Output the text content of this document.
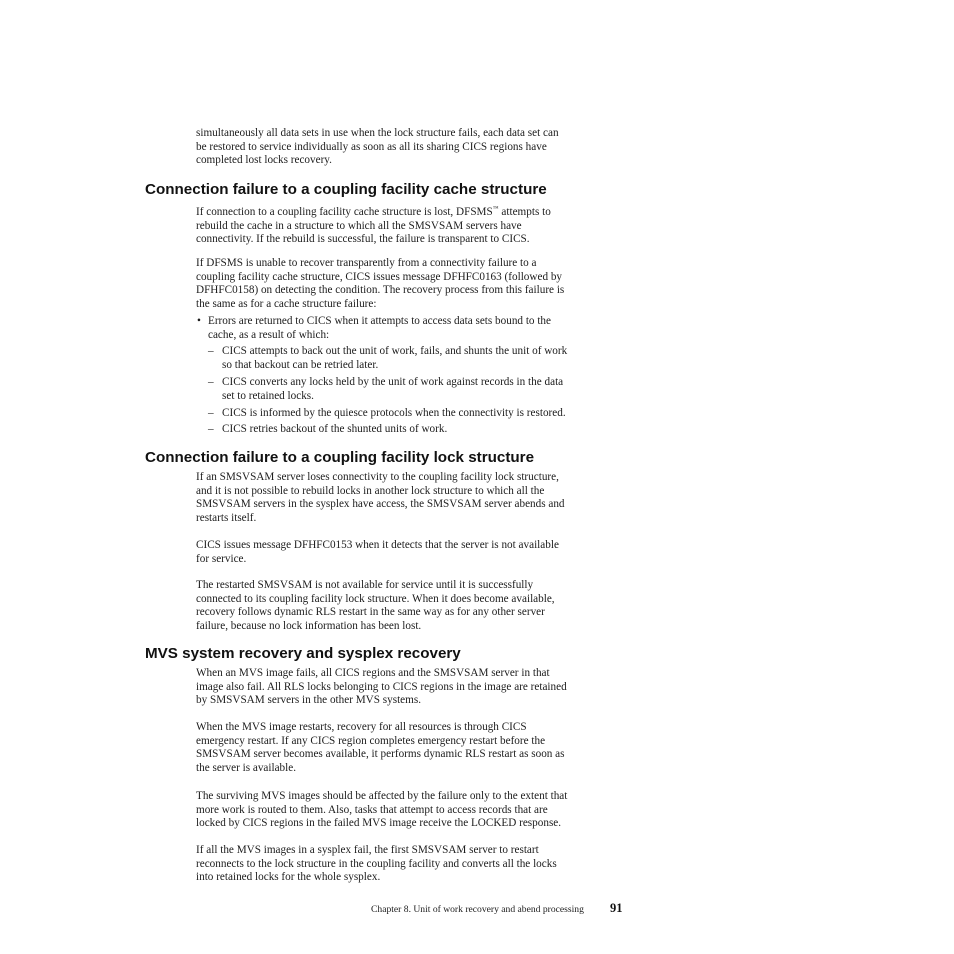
simultaneously all data sets in use when the lock structure fails, each data set can
be restored to service individually as soon as all its sharing CICS regions have
completed lost locks recovery.

Connection failure to a coupling facility cache structure

If connection to a coupling facility cache structure is lost, DFSMS™ attempts to
rebuild the cache in a structure to which all the SMSVSAM servers have
connectivity. If the rebuild is successful, the failure is transparent to CICS.

If DFSMS is unable to recover transparently from a connectivity failure to a
coupling facility cache structure, CICS issues message DFHFC0163 (followed by
DFHFC0158) on detecting the condition. The recovery process from this failure is
the same as for a cache structure failure:

• Errors are returned to CICS when it attempts to access data sets bound to the
cache, as a result of which:

– CICS attempts to back out the unit of work, fails, and shunts the unit of work
so that backout can be retried later.

– CICS converts any locks held by the unit of work against records in the data
set to retained locks.

– CICS is informed by the quiesce protocols when the connectivity is restored.

– CICS retries backout of the shunted units of work.

Connection failure to a coupling facility lock structure

If an SMSVSAM server loses connectivity to the coupling facility lock structure,
and it is not possible to rebuild locks in another lock structure to which all the
SMSVSAM servers in the sysplex have access, the SMSVSAM server abends and
restarts itself.

CICS issues message DFHFC0153 when it detects that the server is not available
for service.

The restarted SMSVSAM is not available for service until it is successfully
connected to its coupling facility lock structure. When it does become available,
recovery follows dynamic RLS restart in the same way as for any other server
failure, because no lock information has been lost.

MVS system recovery and sysplex recovery

When an MVS image fails, all CICS regions and the SMSVSAM server in that
image also fail. All RLS locks belonging to CICS regions in the image are retained
by SMSVSAM servers in the other MVS systems.

When the MVS image restarts, recovery for all resources is through CICS
emergency restart. If any CICS region completes emergency restart before the
SMSVSAM server becomes available, it performs dynamic RLS restart as soon as
the server is available.

The surviving MVS images should be affected by the failure only to the extent that
more work is routed to them. Also, tasks that attempt to access records that are
locked by CICS regions in the failed MVS image receive the LOCKED response.

If all the MVS images in a sysplex fail, the first SMSVSAM server to restart
reconnects to the lock structure in the coupling facility and converts all the locks
into retained locks for the whole sysplex.

Chapter 8. Unit of work recovery and abend processing 91
